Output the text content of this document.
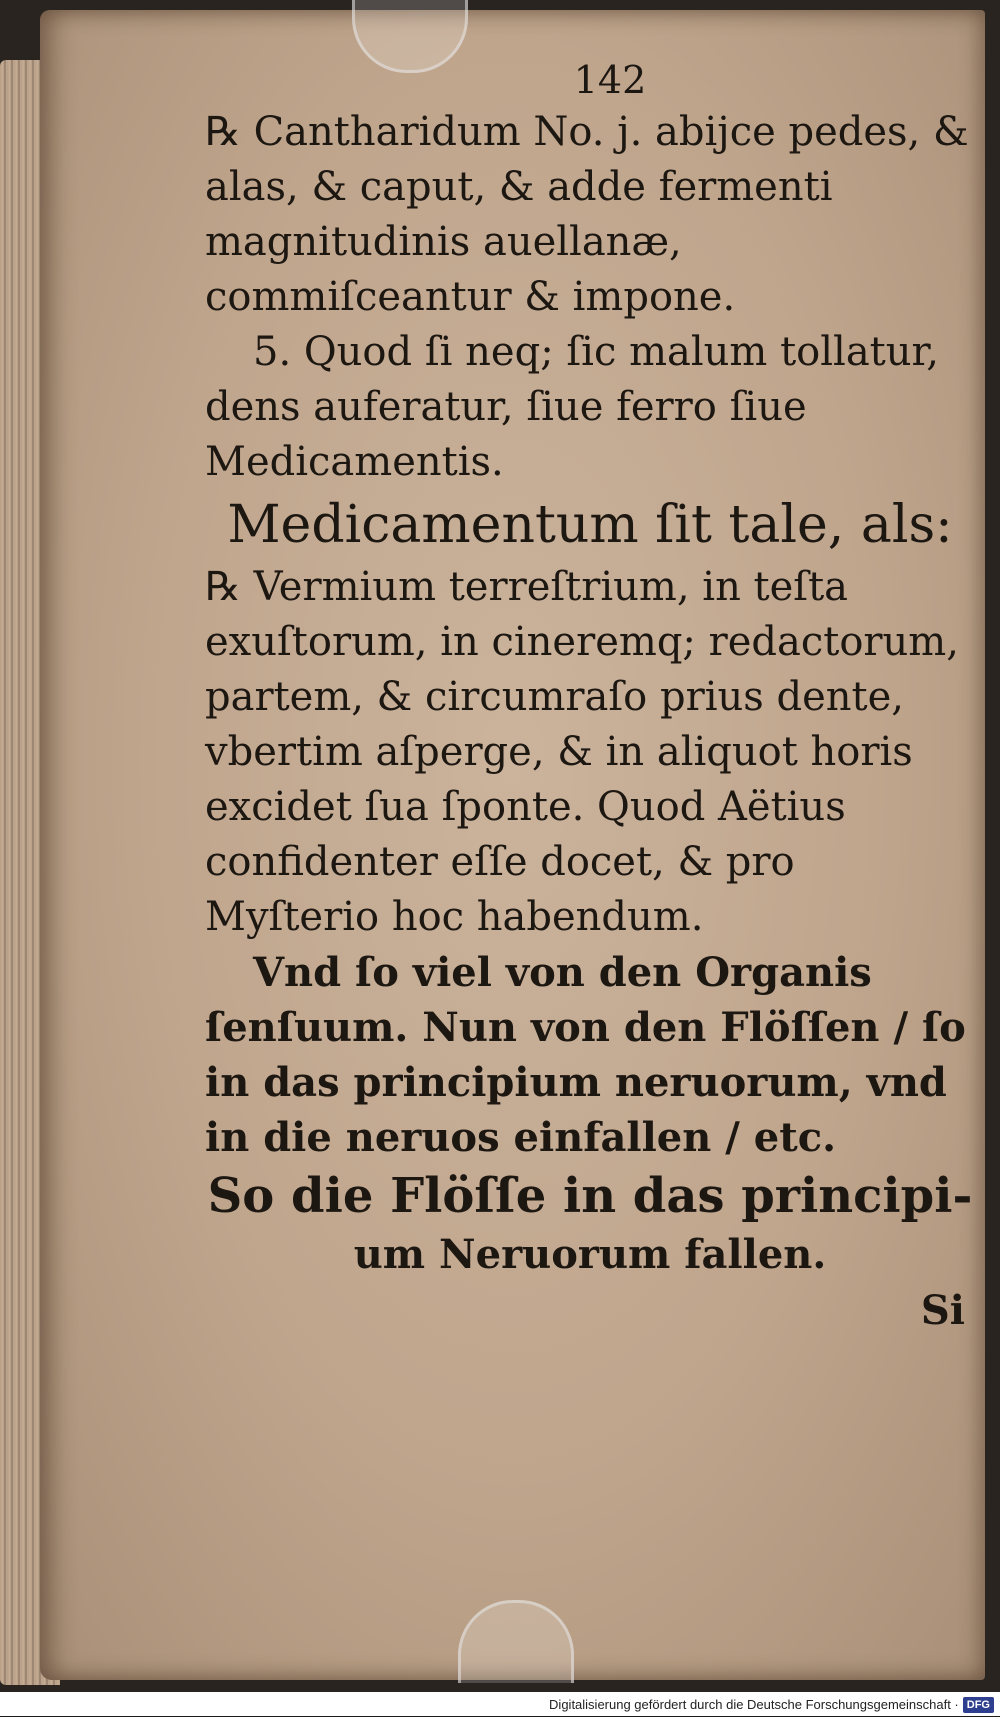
142

℞ Cantharidum No. j. abijce pedes, & alas, & caput, & adde fermenti magnitudinis auellanæ, commiſceantur & impone.

5. Quod ſi neq; ſic malum tollatur, dens auferatur, ſiue ferro ſiue Medicamentis.

Medicamentum ſit tale, als:

℞ Vermium terreſtrium, in teſta exuſtorum, in cineremq; redactorum, partem, & circumraſo prius dente, vbertim aſperge, & in aliquot horis excidet ſua ſponte. Quod Aëtius confidenter eſſe docet, & pro Myſterio hoc habendum.

Vnd ſo viel von den Organis ſenſuum. Nun von den Flöſſen / ſo in das principium neruorum, vnd in die neruos einfallen / etc.

So die Flöſſe in das principi-
um Neruorum fallen.

Si

Digitalisierung gefördert durch die Deutsche Forschungsgemeinschaft · DFG
